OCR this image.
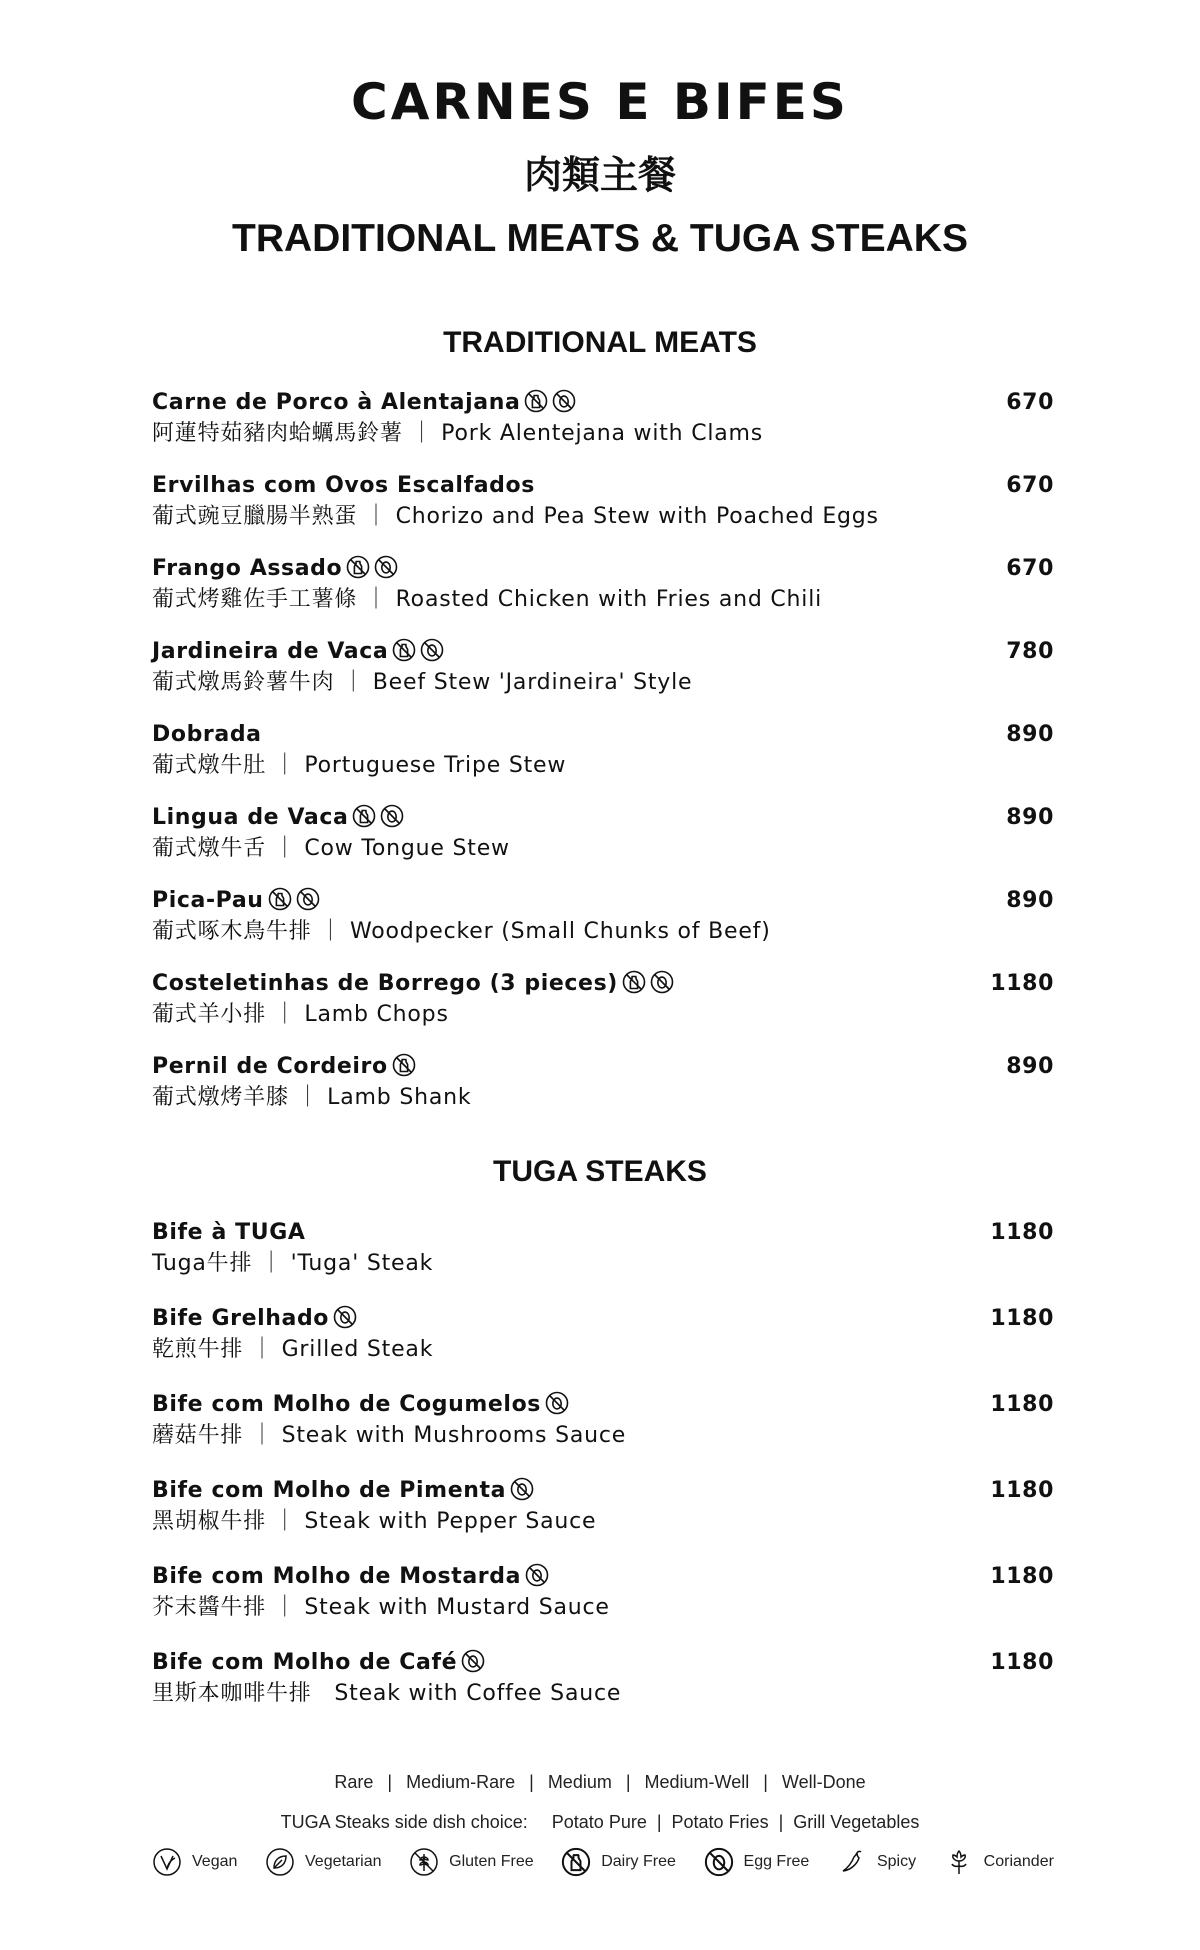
CARNES E BIFES
肉類主餐
TRADITIONAL MEATS & TUGA STEAKS
TRADITIONAL MEATS
Carne de Porco à Alentajana	670
阿蓮特茹豬肉蛤蠣馬鈴薯 ｜ Pork Alentejana with Clams
Ervilhas com Ovos Escalfados	670
葡式豌豆臘腸半熟蛋 ｜ Chorizo and Pea Stew with Poached Eggs
Frango Assado	670
葡式烤雞佐手工薯條 ｜ Roasted Chicken with Fries and Chili
Jardineira de Vaca	780
葡式燉馬鈴薯牛肉 ｜ Beef Stew 'Jardineira' Style
Dobrada	890
葡式燉牛肚 ｜ Portuguese Tripe Stew
Lingua de Vaca	890
葡式燉牛舌 ｜ Cow Tongue Stew
Pica-Pau	890
葡式啄木鳥牛排 ｜ Woodpecker (Small Chunks of Beef)
Costeletinhas de Borrego (3 pieces)	1180
葡式羊小排 ｜ Lamb Chops
Pernil de Cordeiro	890
葡式燉烤羊膝 ｜ Lamb Shank
TUGA STEAKS
Bife à TUGA	1180
Tuga牛排 ｜ 'Tuga' Steak
Bife Grelhado	1180
乾煎牛排 ｜ Grilled Steak
Bife com Molho de Cogumelos	1180
蘑菇牛排 ｜ Steak with Mushrooms Sauce
Bife com Molho de Pimenta	1180
黑胡椒牛排 ｜ Steak with Pepper Sauce
Bife com Molho de Mostarda	1180
芥末醬牛排 ｜ Steak with Mustard Sauce
Bife com Molho de Café	1180
里斯本咖啡牛排　Steak with Coffee Sauce
Rare | Medium-Rare | Medium | Medium-Well | Well-Done
TUGA Steaks side dish choice: Potato Pure | Potato Fries | Grill Vegetables
Vegan	Vegetarian	Gluten Free	Dairy Free	Egg Free	Spicy	Coriander
